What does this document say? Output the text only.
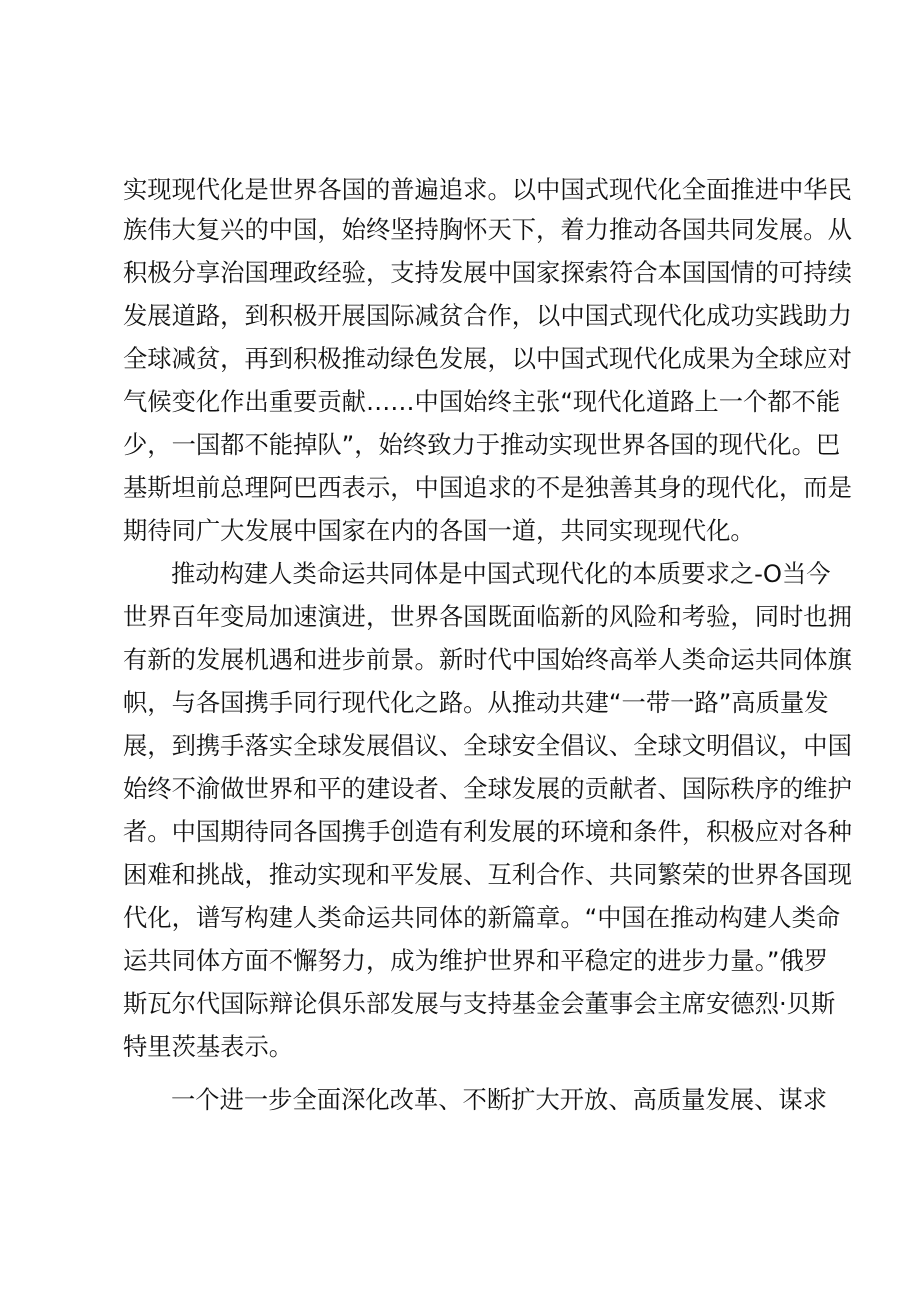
实现现代化是世界各国的普遍追求。以中国式现代化全面推进中华民

族伟大复兴的中国，始终坚持胸怀天下，着力推动各国共同发展。从

积极分享治国理政经验，支持发展中国家探索符合本国国情的可持续

发展道路，到积极开展国际减贫合作，以中国式现代化成功实践助力

全球减贫，再到积极推动绿色发展，以中国式现代化成果为全球应对

气候变化作出重要贡献……中国始终主张“现代化道路上一个都不能

少，一国都不能掉队”，始终致力于推动实现世界各国的现代化。巴

基斯坦前总理阿巴西表示，中国追求的不是独善其身的现代化，而是

期待同广大发展中国家在内的各国一道，共同实现现代化。

推动构建人类命运共同体是中国式现代化的本质要求之-O当今

世界百年变局加速演进，世界各国既面临新的风险和考验，同时也拥

有新的发展机遇和进步前景。新时代中国始终高举人类命运共同体旗

帜，与各国携手同行现代化之路。从推动共建“一带一路”高质量发

展，到携手落实全球发展倡议、全球安全倡议、全球文明倡议，中国

始终不渝做世界和平的建设者、全球发展的贡献者、国际秩序的维护

者。中国期待同各国携手创造有利发展的环境和条件，积极应对各种

困难和挑战，推动实现和平发展、互利合作、共同繁荣的世界各国现

代化，谱写构建人类命运共同体的新篇章。“中国在推动构建人类命

运共同体方面不懈努力，成为维护世界和平稳定的进步力量。”俄罗

斯瓦尔代国际辩论俱乐部发展与支持基金会董事会主席安德烈·贝斯

特里茨基表示。

一个进一步全面深化改革、不断扩大开放、高质量发展、谋求
